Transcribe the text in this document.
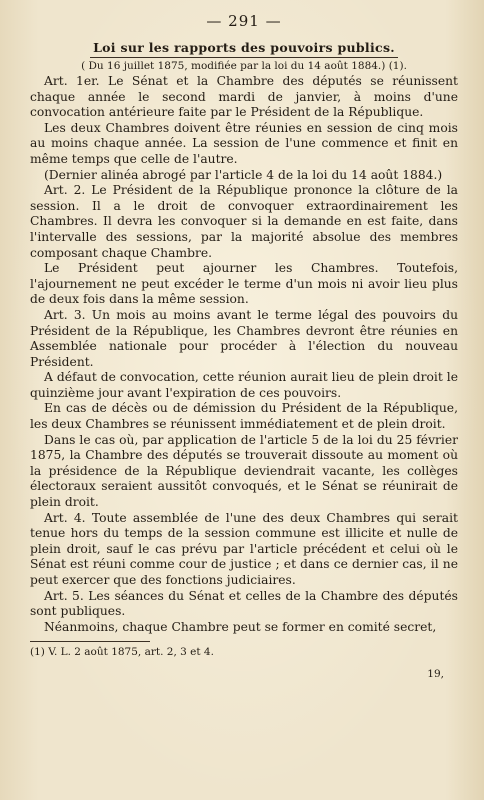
— 291 —
Loi sur les rapports des pouvoirs publics.
( Du 16 juillet 1875, modifiée par la loi du 14 août 1884.) (1).

Art. 1er. Le Sénat et la Chambre des députés se réunissent chaque année le second mardi de janvier, à moins d'une convocation antérieure faite par le Président de la République.

Les deux Chambres doivent être réunies en session de cinq mois au moins chaque année. La session de l'une commence et finit en même temps que celle de l'autre.

(Dernier alinéa abrogé par l'article 4 de la loi du 14 août 1884.)

Art. 2. Le Président de la République prononce la clôture de la session. Il a le droit de convoquer extraordinairement les Chambres. Il devra les convoquer si la demande en est faite, dans l'intervalle des sessions, par la majorité absolue des membres composant chaque Chambre.

Le Président peut ajourner les Chambres. Toutefois, l'ajournement ne peut excéder le terme d'un mois ni avoir lieu plus de deux fois dans la même session.

Art. 3. Un mois au moins avant le terme légal des pouvoirs du Président de la République, les Chambres devront être réunies en Assemblée nationale pour procéder à l'élection du nouveau Président.

A défaut de convocation, cette réunion aurait lieu de plein droit le quinzième jour avant l'expiration de ces pouvoirs.

En cas de décès ou de démission du Président de la République, les deux Chambres se réunissent immédiatement et de plein droit.

Dans le cas où, par application de l'article 5 de la loi du 25 février 1875, la Chambre des députés se trouverait dissoute au moment où la présidence de la République deviendrait vacante, les collèges électoraux seraient aussitôt convoqués, et le Sénat se réunirait de plein droit.

Art. 4. Toute assemblée de l'une des deux Chambres qui serait tenue hors du temps de la session commune est illicite et nulle de plein droit, sauf le cas prévu par l'article précédent et celui où le Sénat est réuni comme cour de justice ; et dans ce dernier cas, il ne peut exercer que des fonctions judiciaires.

Art. 5. Les séances du Sénat et celles de la Chambre des députés sont publiques.

Néanmoins, chaque Chambre peut se former en comité secret,

(1) V. L. 2 août 1875, art. 2, 3 et 4.
19,
